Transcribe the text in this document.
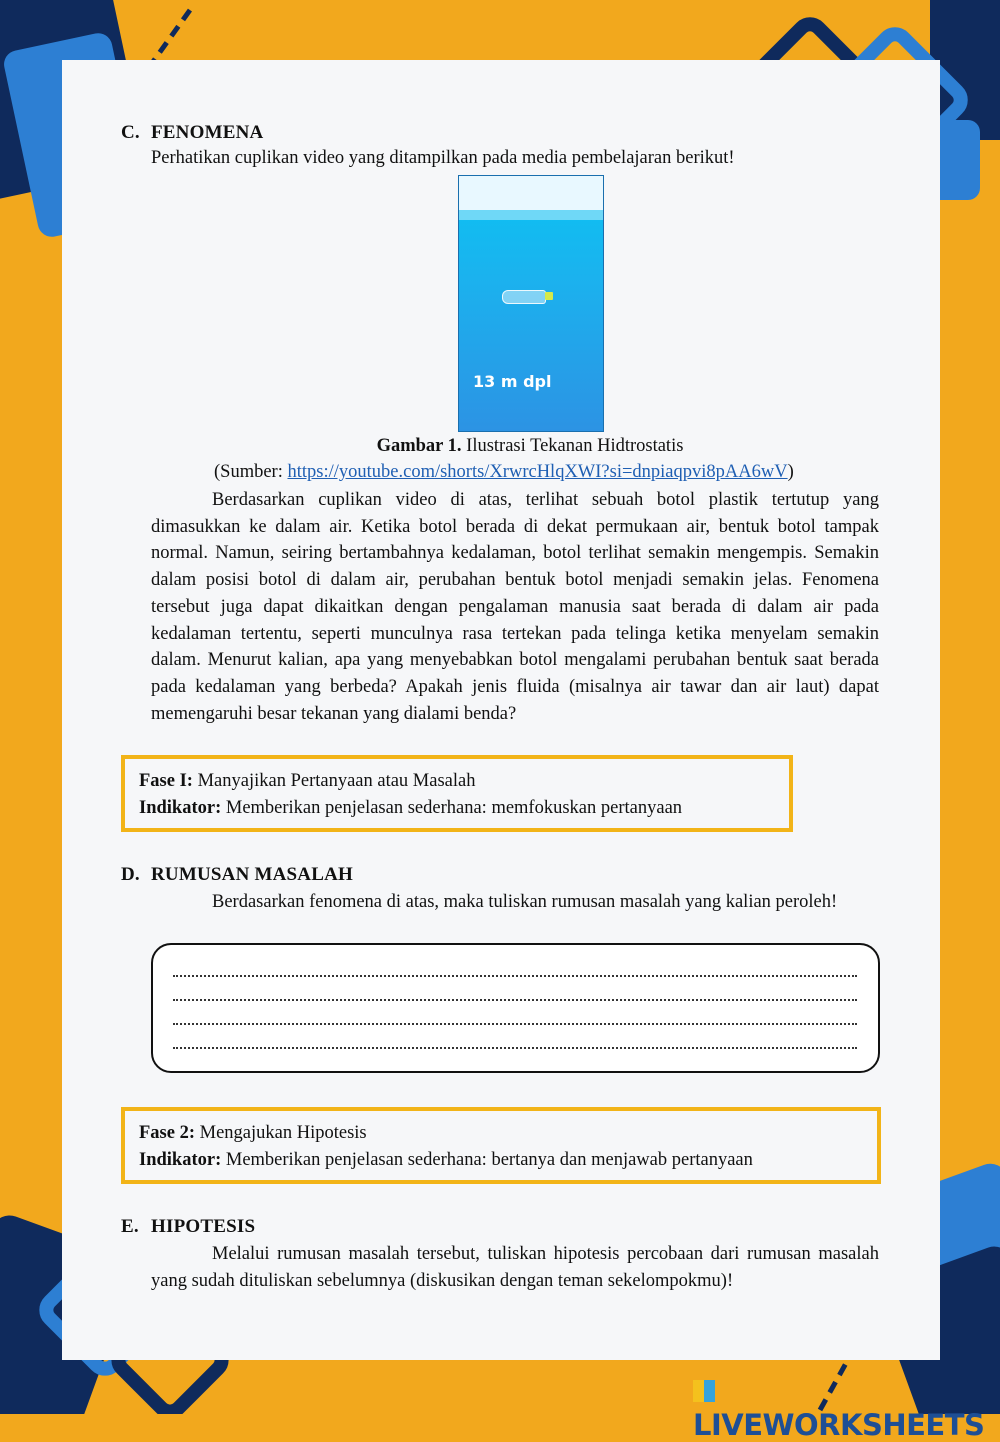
C. FENOMENA
Perhatikan cuplikan video yang ditampilkan pada media pembelajaran berikut!
13 m dpl
Gambar 1. Ilustrasi Tekanan Hidtrostatis
(Sumber: https://youtube.com/shorts/XrwrcHlqXWI?si=dnpiaqpvi8pAA6wV)
Berdasarkan cuplikan video di atas, terlihat sebuah botol plastik tertutup yang dimasukkan ke dalam air. Ketika botol berada di dekat permukaan air, bentuk botol tampak normal. Namun, seiring bertambahnya kedalaman, botol terlihat semakin mengempis. Semakin dalam posisi botol di dalam air, perubahan bentuk botol menjadi semakin jelas. Fenomena tersebut juga dapat dikaitkan dengan pengalaman manusia saat berada di dalam air pada kedalaman tertentu, seperti munculnya rasa tertekan pada telinga ketika menyelam semakin dalam. Menurut kalian, apa yang menyebabkan botol mengalami perubahan bentuk saat berada pada kedalaman yang berbeda? Apakah jenis fluida (misalnya air tawar dan air laut) dapat memengaruhi besar tekanan yang dialami benda?
Fase I: Manyajikan Pertanyaan atau Masalah
Indikator: Memberikan penjelasan sederhana: memfokuskan pertanyaan
D. RUMUSAN MASALAH
Berdasarkan fenomena di atas, maka tuliskan rumusan masalah yang kalian peroleh!
Fase 2: Mengajukan Hipotesis
Indikator: Memberikan penjelasan sederhana: bertanya dan menjawab pertanyaan
E. HIPOTESIS
Melalui rumusan masalah tersebut, tuliskan hipotesis percobaan dari rumusan masalah yang sudah dituliskan sebelumnya (diskusikan dengan teman sekelompokmu)!
LIVEWORKSHEETS
